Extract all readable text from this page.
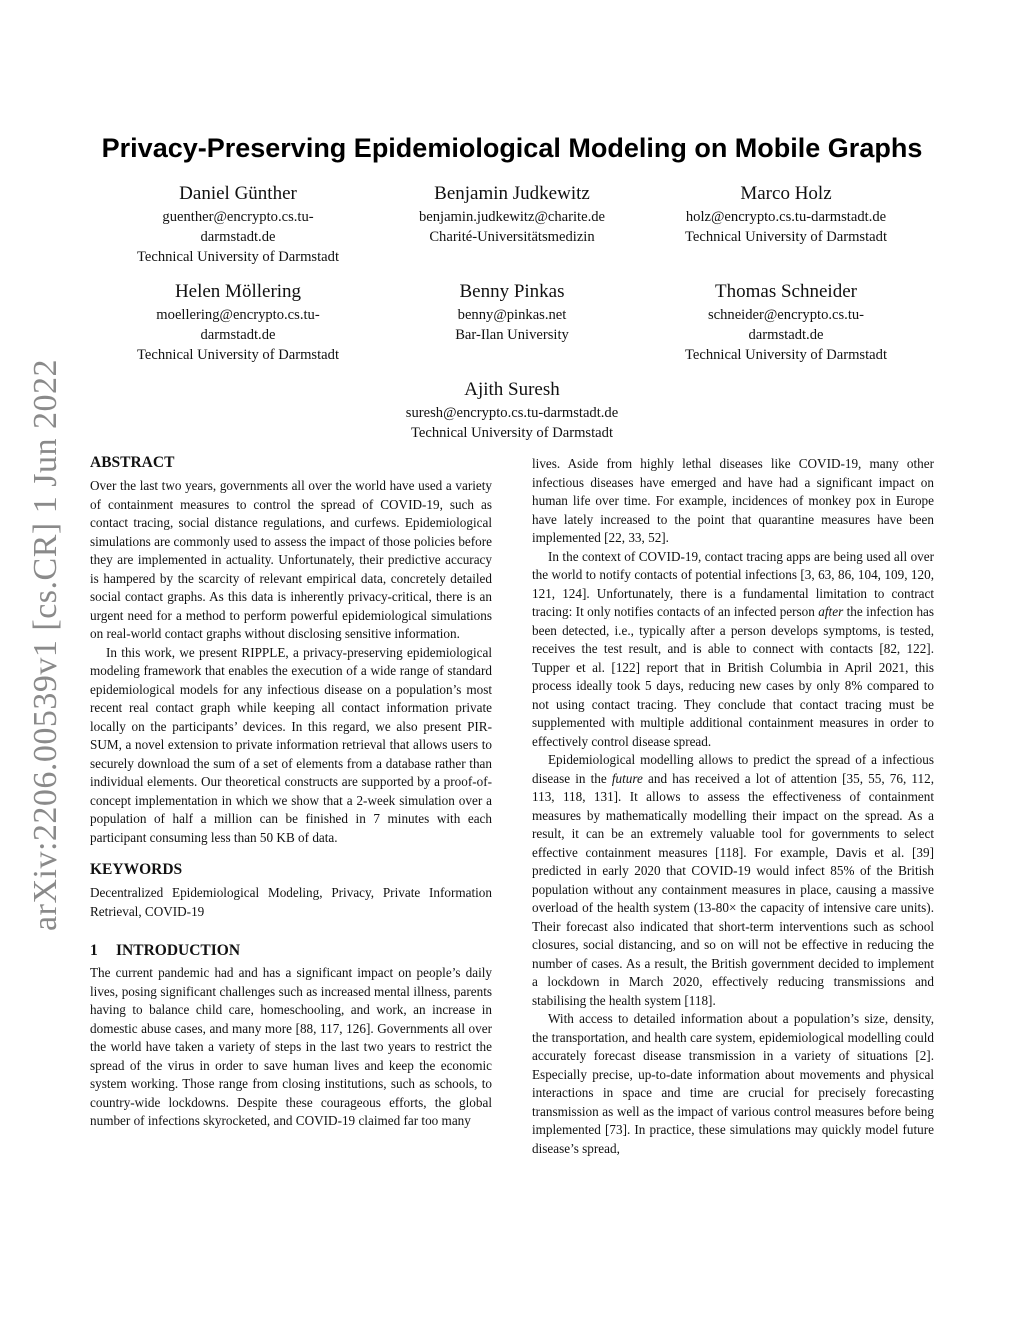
arXiv:2206.00539v1 [cs.CR] 1 Jun 2022
Privacy-Preserving Epidemiological Modeling on Mobile Graphs
Daniel Günther
guenther@encrypto.cs.tu-
darmstadt.de
Technical University of Darmstadt
Benjamin Judkewitz
benjamin.judkewitz@charite.de
Charité-Universitätsmedizin
Marco Holz
holz@encrypto.cs.tu-darmstadt.de
Technical University of Darmstadt
Helen Möllering
moellering@encrypto.cs.tu-
darmstadt.de
Technical University of Darmstadt
Benny Pinkas
benny@pinkas.net
Bar-Ilan University
Thomas Schneider
schneider@encrypto.cs.tu-
darmstadt.de
Technical University of Darmstadt
Ajith Suresh
suresh@encrypto.cs.tu-darmstadt.de
Technical University of Darmstadt
ABSTRACT

Over the last two years, governments all over the world have used a variety of containment measures to control the spread of COVID-19, such as contact tracing, social distance regulations, and curfews. Epidemiological simulations are commonly used to assess the impact of those policies before they are implemented in actuality. Unfortunately, their predictive accuracy is hampered by the scarcity of relevant empirical data, concretely detailed social contact graphs. As this data is inherently privacy-critical, there is an urgent need for a method to perform powerful epidemiological simulations on real-world contact graphs without disclosing sensitive information.

In this work, we present RIPPLE, a privacy-preserving epidemiological modeling framework that enables the execution of a wide range of standard epidemiological models for any infectious disease on a population’s most recent real contact graph while keeping all contact information private locally on the participants’ devices. In this regard, we also present PIR-SUM, a novel extension to private information retrieval that allows users to securely download the sum of a set of elements from a database rather than individual elements. Our theoretical constructs are supported by a proof-of-concept implementation in which we show that a 2-week simulation over a population of half a million can be finished in 7 minutes with each participant consuming less than 50 KB of data.

KEYWORDS

Decentralized Epidemiological Modeling, Privacy, Private Information Retrieval, COVID-19

1 INTRODUCTION

The current pandemic had and has a significant impact on people’s daily lives, posing significant challenges such as increased mental illness, parents having to balance child care, homeschooling, and work, an increase in domestic abuse cases, and many more [88, 117, 126]. Governments all over the world have taken a variety of steps in the last two years to restrict the spread of the virus in order to save human lives and keep the economic system working. Those range from closing institutions, such as schools, to country-wide lockdowns. Despite these courageous efforts, the global number of infections skyrocketed, and COVID-19 claimed far too many

lives. Aside from highly lethal diseases like COVID-19, many other infectious diseases have emerged and have had a significant impact on human life over time. For example, incidences of monkey pox in Europe have lately increased to the point that quarantine measures have been implemented [22, 33, 52].

In the context of COVID-19, contact tracing apps are being used all over the world to notify contacts of potential infections [3, 63, 86, 104, 109, 120, 121, 124]. Unfortunately, there is a fundamental limitation to contract tracing: It only notifies contacts of an infected person after the infection has been detected, i.e., typically after a person develops symptoms, is tested, receives the test result, and is able to connect with contacts [82, 122]. Tupper et al. [122] report that in British Columbia in April 2021, this process ideally took 5 days, reducing new cases by only 8% compared to not using contact tracing. They conclude that contact tracing must be supplemented with multiple additional containment measures in order to effectively control disease spread.

Epidemiological modelling allows to predict the spread of a infectious disease in the future and has received a lot of attention [35, 55, 76, 112, 113, 118, 131]. It allows to assess the effectiveness of containment measures by mathematically modelling their impact on the spread. As a result, it can be an extremely valuable tool for governments to select effective containment measures [118]. For example, Davis et al. [39] predicted in early 2020 that COVID-19 would infect 85% of the British population without any containment measures in place, causing a massive overload of the health system (13-80× the capacity of intensive care units). Their forecast also indicated that short-term interventions such as school closures, social distancing, and so on will not be effective in reducing the number of cases. As a result, the British government decided to implement a lockdown in March 2020, effectively reducing transmissions and stabilising the health system [118].

With access to detailed information about a population’s size, density, the transportation, and health care system, epidemiological modelling could accurately forecast disease transmission in a variety of situations [2]. Especially precise, up-to-date information about movements and physical interactions in space and time are crucial for precisely forecasting transmission as well as the impact of various control measures before being implemented [73]. In practice, these simulations may quickly model future disease’s spread,
